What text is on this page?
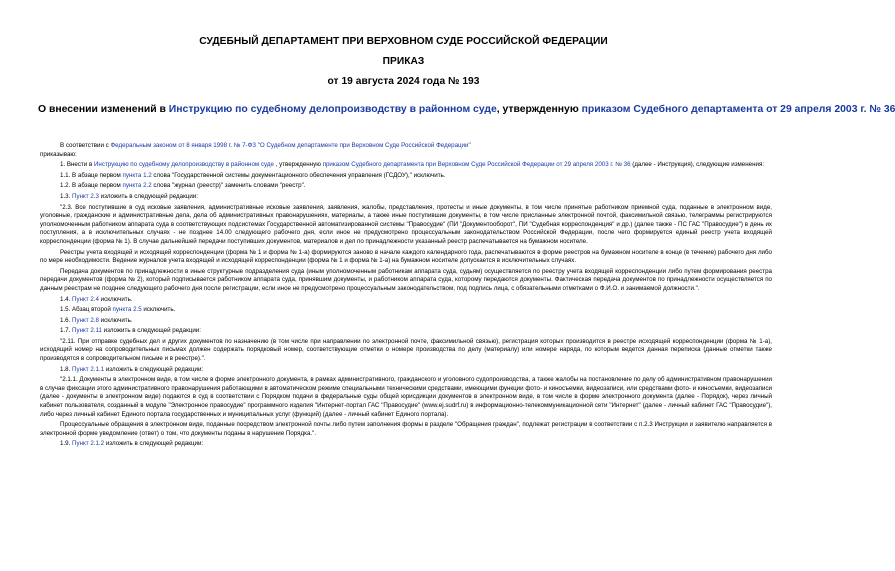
СУДЕБНЫЙ ДЕПАРТАМЕНТ ПРИ ВЕРХОВНОМ СУДЕ РОССИЙСКОЙ ФЕДЕРАЦИИ
ПРИКАЗ
от 19 августа 2024 года № 193
О внесении изменений в Инструкцию по судебному делопроизводству в районном суде, утвержденную приказом Судебного департамента от 29 апреля 2003 г. № 36

В соответствии с Федеральным законом от 8 января 1998 г. № 7-ФЗ "О Судебном департаменте при Верховном Суде Российской Федерации"

приказываю:

1. Внести в Инструкцию по судебному делопроизводству в районном суде , утвержденную приказом Судебного департамента при Верховном Суде Российской Федерации от 29 апреля 2003 г. № 36 (далее - Инструкция), следующие изменения:

1.1. В абзаце первом пункта 1.2 слова "Государственной системы документационного обеспечения управления (ГСДОУ)," исключить.

1.2. В абзаце первом пункта 2.2 слова "журнал (реестр)" заменить словами "реестр".

1.3. Пункт 2.3 изложить в следующей редакции:

"2.3. Все поступившие в суд исковые заявления, административные исковые заявления, заявления, жалобы, представления, протесты и иные документы, в том числе принятые работником приемной суда, поданные в электронном виде, уголовные, гражданские и административные дела, дела об административных правонарушениях, материалы, а также иные поступившие документы, в том числе присланные электронной почтой, факсимильной связью, телеграммы регистрируются уполномоченным работником аппарата суда в соответствующих подсистемах Государственной автоматизированной системы "Правосудие" (ПИ "Документооборот", ПИ "Судебная корреспонденция" и др.) (далее также - ПС ГАС "Правосудие") в день их поступления, а в исключительных случаях - не позднее 14.00 следующего рабочего дня, если иное не предусмотрено процессуальным законодательством Российской Федерации, после чего формируется единый реестр учета входящей корреспонденции (форма № 1). В случае дальнейшей передачи поступивших документов, материалов и дел по принадлежности указанный реестр распечатывается на бумажном носителе.

Реестры учета входящей и исходящей корреспонденции (форма № 1 и форма № 1-а) формируются заново в начале каждого календарного года, распечатываются в форме реестров на бумажном носителе в конце (в течение) рабочего дня либо по мере необходимости. Ведение журналов учета входящей и исходящей корреспонденции (форма № 1 и форма № 1-а) на бумажном носителе допускается в исключительных случаях.

Передача документов по принадлежности в иные структурные подразделения суда (иным уполномоченным работникам аппарата суда, судьям) осуществляется по реестру учета входящей корреспонденции либо путем формирования реестра передачи документов (форма № 2), который подписывается работником аппарата суда, принявшим документы, и работником аппарата суда, которому передаются документы. Фактическая передача документов по принадлежности осуществляется по данным реестрам не позднее следующего рабочего дня после регистрации, если иное не предусмотрено процессуальным законодательством, под подпись лица, с обязательными отметками о Ф.И.О. и занимаемой должности.".

1.4. Пункт 2.4 исключить.

1.5. Абзац второй пункта 2.5 исключить.

1.6. Пункт 2.8 исключить.

1.7. Пункт 2.11 изложить в следующей редакции:

"2.11. При отправке судебных дел и других документов по назначению (в том числе при направлении по электронной почте, факсимильной связью), регистрация которых производится в реестре исходящей корреспонденции (форма № 1-а), исходящий номер на сопроводительных письмах должен содержать порядковый номер, соответствующие отметки о номере производства по делу (материалу) или номере наряда, по которым ведется данная переписка (данные отметки также производятся в сопроводительном письме и в реестре).".

1.8. Пункт 2.1.1 изложить в следующей редакции:

"2.1.1. Документы в электронном виде, в том числе в форме электронного документа, в рамках административного, гражданского и уголовного судопроизводства, а также жалобы на постановление по делу об административном правонарушении в случае фиксации этого административного правонарушения работающими в автоматическом режиме специальными техническими средствами, имеющими функции фото- и киносъемки, видеозаписи, или средствами фото- и киносъемки, видеозаписи (далее - документы в электронном виде) подаются в суд в соответствии с Порядком подачи в федеральные суды общей юрисдикции документов в электронном виде, в том числе в форме электронного документа (далее - Порядок), через личный кабинет пользователя, созданный в модуле "Электронное правосудие" программного изделия "Интернет-портал ГАС "Правосудие" (www.ej.sudrf.ru) в информационно-телекоммуникационной сети "Интернет" (далее - личный кабинет ГАС "Правосудие"), либо через личный кабинет Единого портала государственных и муниципальных услуг (функций) (далее - личный кабинет Единого портала).

Процессуальные обращения в электронном виде, поданные посредством электронной почты либо путем заполнения формы в разделе "Обращения граждан", подлежат регистрации в соответствии с п.2.3 Инструкции и заявителю направляется в электронной форме уведомление (ответ) о том, что документы поданы в нарушение Порядка.".

1.9. Пункт 2.1.2 изложить в следующей редакции:
